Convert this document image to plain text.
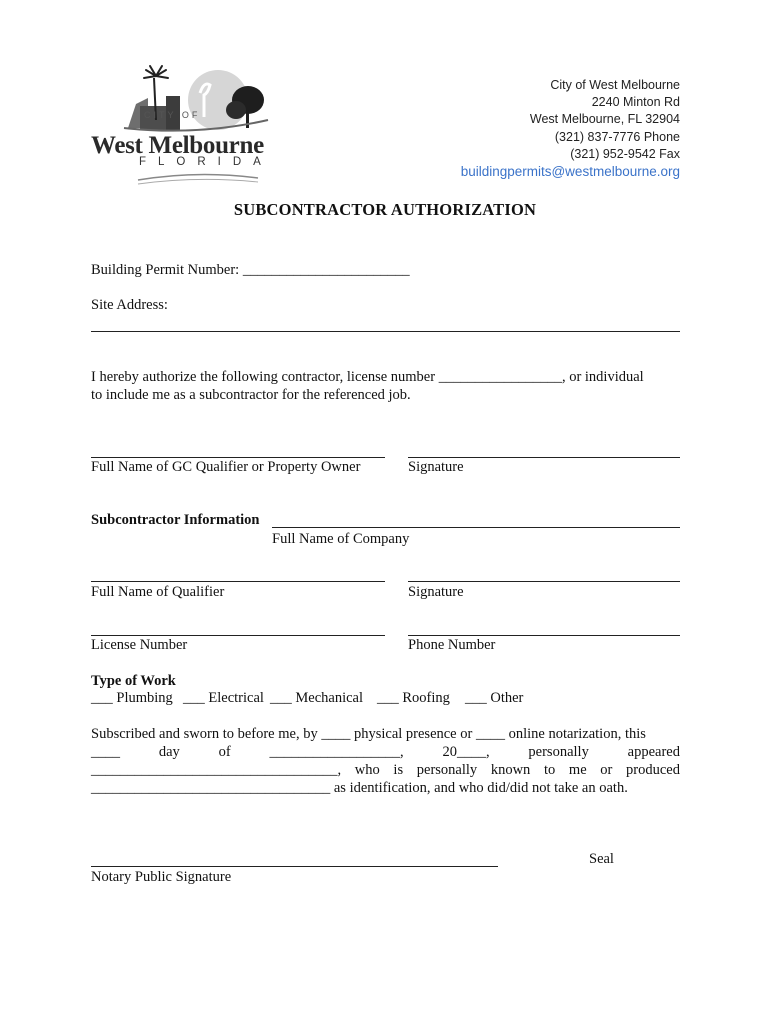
CITY OF
West Melbourne
FLORIDA
City of West Melbourne
2240 Minton Rd
West Melbourne, FL 32904
(321) 837-7776 Phone
(321) 952-9542 Fax
buildingpermits@westmelbourne.org
SUBCONTRACTOR AUTHORIZATION
Building Permit Number: _______________________
Site Address:
I hereby authorize the following contractor, license number _________________, or individual
to include me as a subcontractor for the referenced job.
Full Name of GC Qualifier or Property Owner	Signature
Subcontractor Information
Full Name of Company
Full Name of Qualifier	Signature
License Number	Phone Number
Type of Work
___ Plumbing ___ Electrical ___ Mechanical ___ Roofing ___ Other
Subscribed and sworn to before me, by ____ physical presence or ____ online notarization, this
____	day	of	__________________,	20____,	personally	appeared
__________________________________, who is personally known to me or produced
_________________________________ as identification, and who did/did not take an oath.
Seal
Notary Public Signature
